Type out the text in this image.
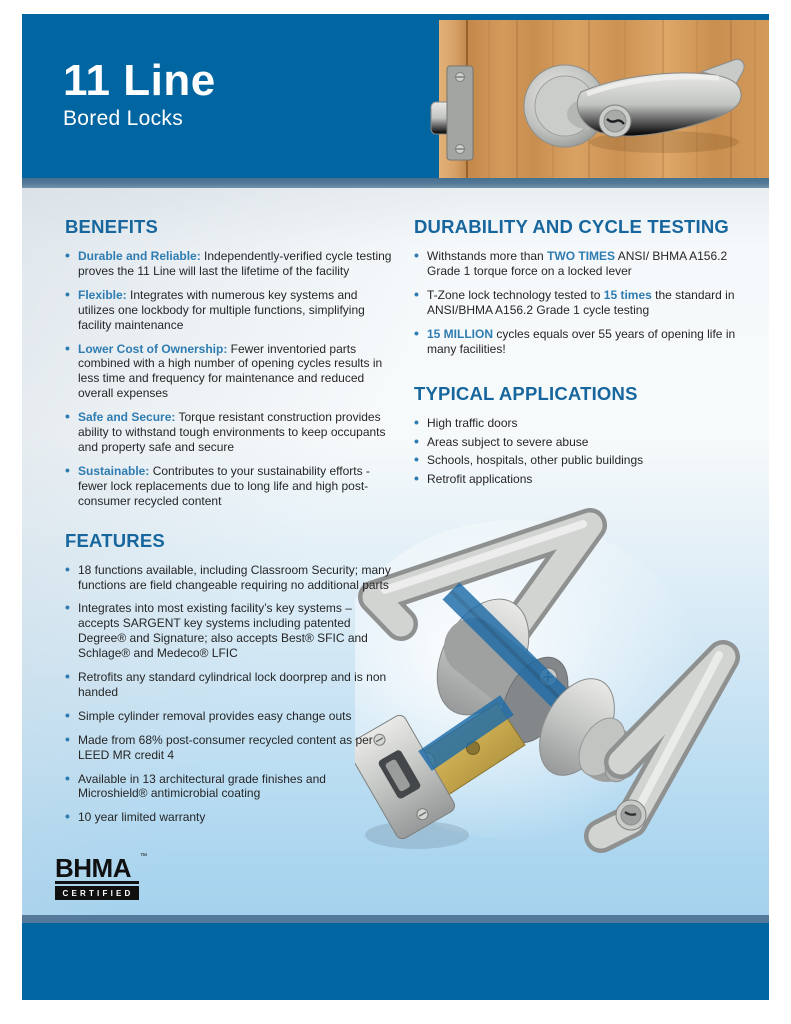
11 Line
Bored Locks
BENEFITS
• Durable and Reliable: Independently-verified cycle testing proves the 11 Line will last the lifetime of the facility
• Flexible: Integrates with numerous key systems and utilizes one lockbody for multiple functions, simplifying facility maintenance
• Lower Cost of Ownership: Fewer inventoried parts combined with a high number of opening cycles results in less time and frequency for maintenance and reduced overall expenses
• Safe and Secure: Torque resistant construction provides ability to withstand tough environments to keep occupants and property safe and secure
• Sustainable: Contributes to your sustainability efforts - fewer lock replacements due to long life and high post-consumer recycled content
FEATURES
• 18 functions available, including Classroom Security; many functions are field changeable requiring no additional parts
• Integrates into most existing facility’s key systems – accepts SARGENT key systems including patented Degree® and Signature; also accepts Best® SFIC and Schlage® and Medeco® LFIC
• Retrofits any standard cylindrical lock doorprep and is non handed
• Simple cylinder removal provides easy change outs
• Made from 68% post-consumer recycled content as per LEED MR credit 4
• Available in 13 architectural grade finishes and Microshield® antimicrobial coating
• 10 year limited warranty
DURABILITY AND CYCLE TESTING
• Withstands more than TWO TIMES ANSI/ BHMA A156.2 Grade 1 torque force on a locked lever
• T-Zone lock technology tested to 15 times the standard in ANSI/BHMA A156.2 Grade 1 cycle testing
• 15 MILLION cycles equals over 55 years of opening life in many facilities!
TYPICAL APPLICATIONS
• High traffic doors
• Areas subject to severe abuse
• Schools, hospitals, other public buildings
• Retrofit applications
BHMA ™
CERTIFIED
